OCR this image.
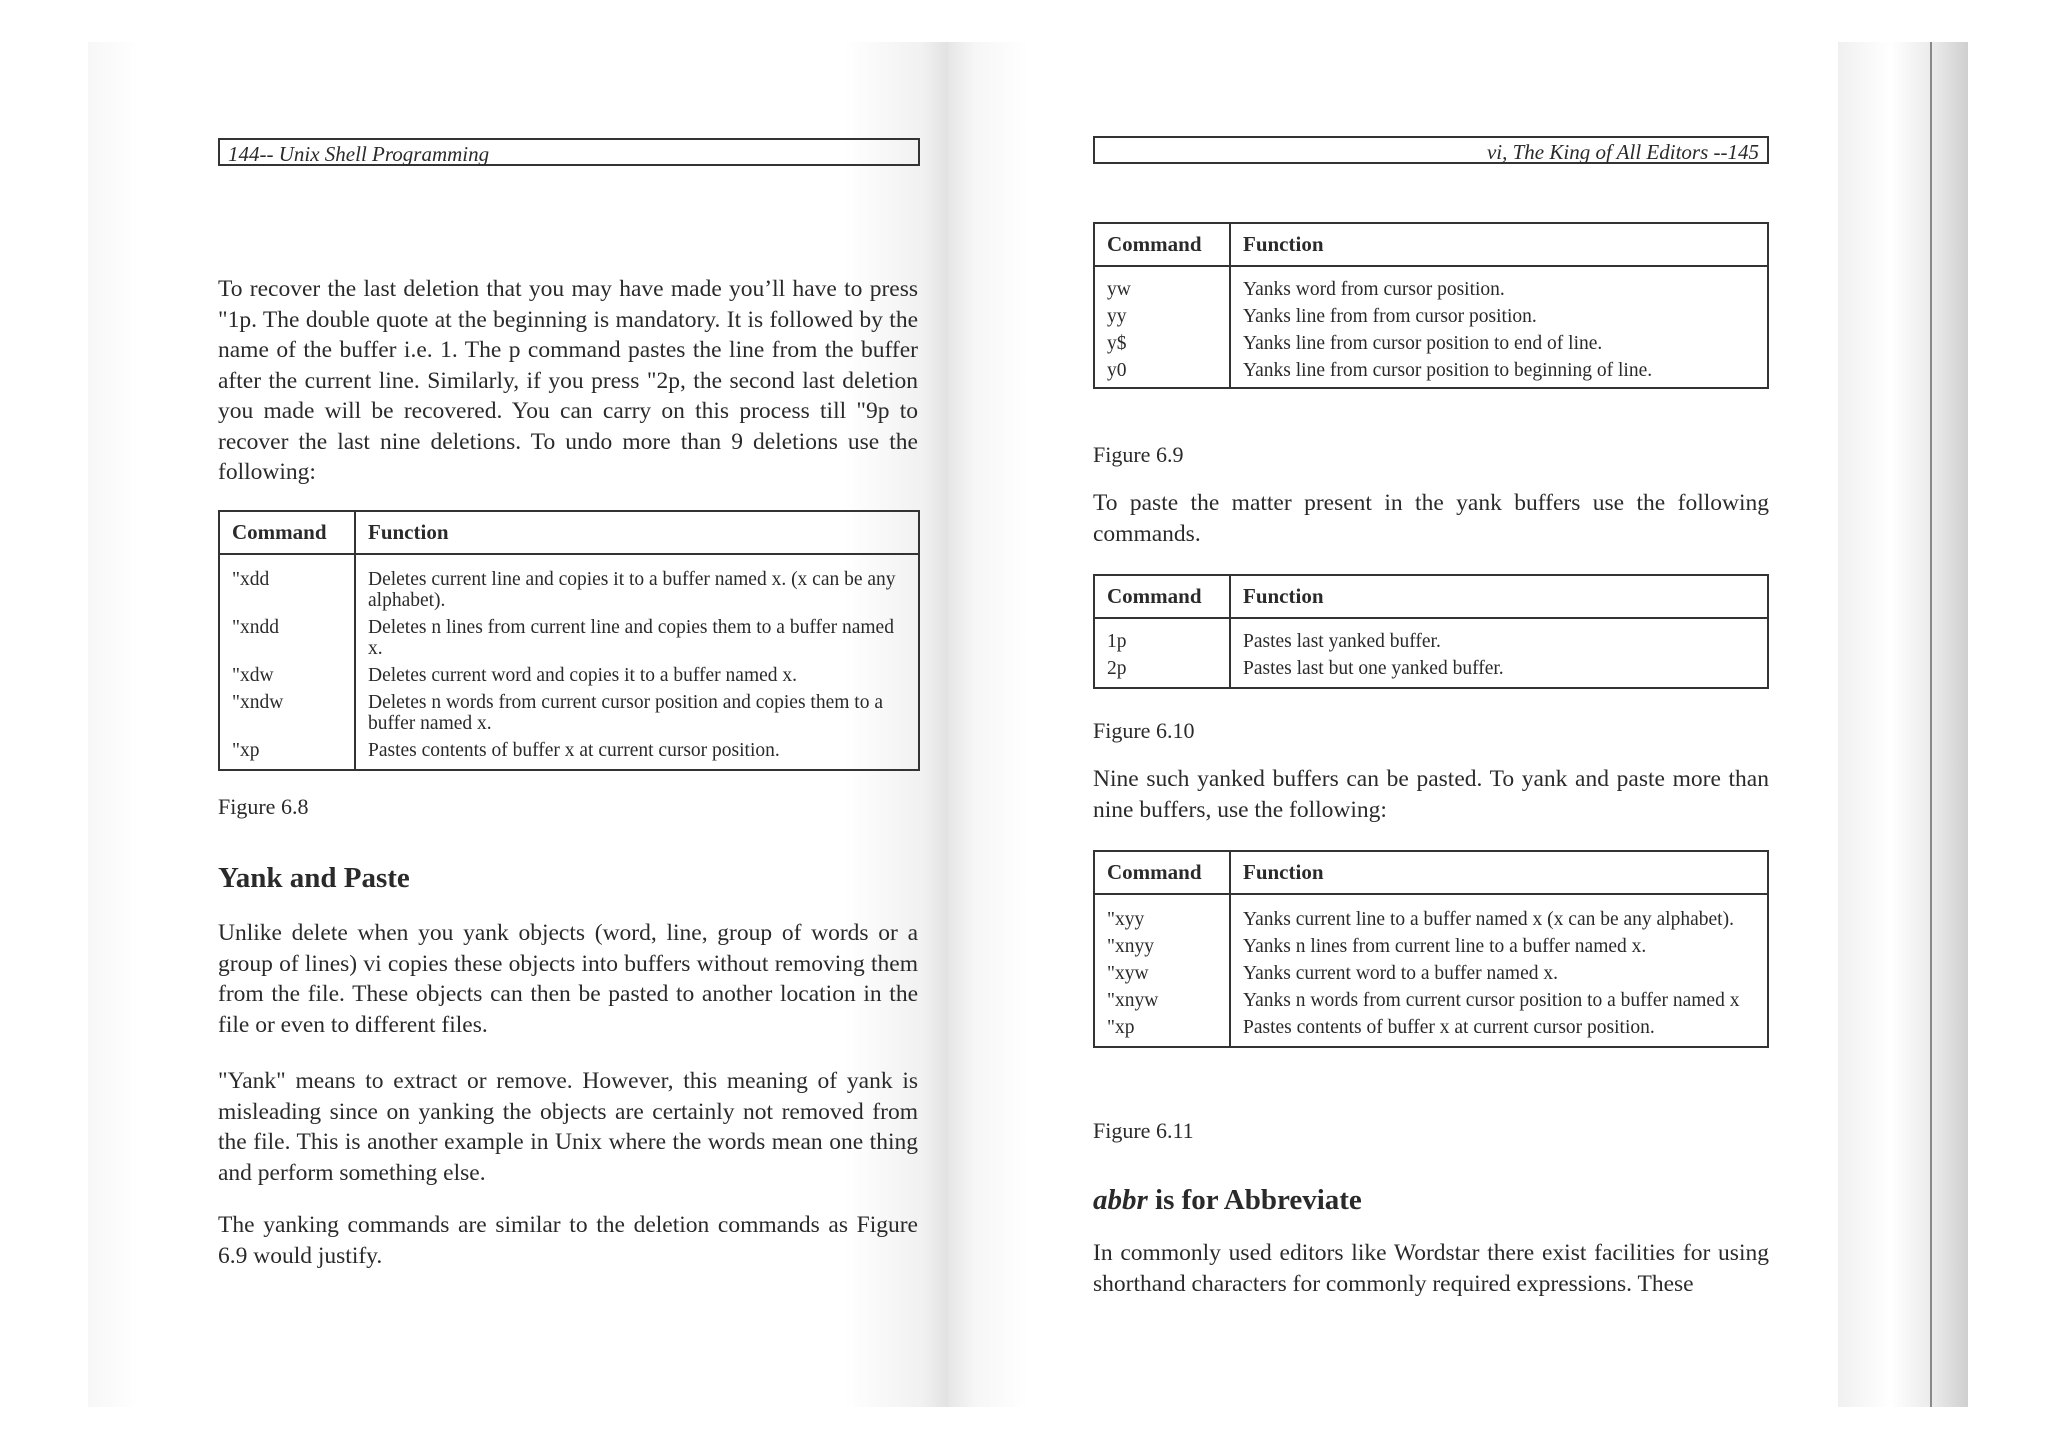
144-- Unix Shell Programming
To recover the last deletion that you may have made you’ll have to press "1p. The double quote at the beginning is mandatory. It is followed by the name of the buffer i.e. 1. The p command pastes the line from the buffer after the current line. Similarly, if you press "2p, the second last deletion you made will be recovered. You can carry on this process till "9p to recover the last nine deletions. To undo more than 9 deletions use the following:
Command	Function
"xdd	Deletes current line and copies it to a buffer named x. (x can be any alphabet).
"xndd	Deletes n lines from current line and copies them to a buffer named x.
"xdw	Deletes current word and copies it to a buffer named x.
"xndw	Deletes n words from current cursor position and copies them to a buffer named x.
"xp	Pastes contents of buffer x at current cursor position.
Figure 6.8
Yank and Paste
Unlike delete when you yank objects (word, line, group of words or a group of lines) vi copies these objects into buffers without removing them from the file. These objects can then be pasted to another location in the file or even to different files.
"Yank" means to extract or remove. However, this meaning of yank is misleading since on yanking the objects are certainly not removed from the file. This is another example in Unix where the words mean one thing and perform something else.
The yanking commands are similar to the deletion commands as Figure 6.9 would justify.
vi, The King of All Editors --145
Command	Function
yw	Yanks word from cursor position.
yy	Yanks line from from cursor position.
y$	Yanks line from cursor position to end of line.
y0	Yanks line from cursor position to beginning of line.
Figure 6.9
To paste the matter present in the yank buffers use the following commands.
Command	Function
1p	Pastes last yanked buffer.
2p	Pastes last but one yanked buffer.
Figure 6.10
Nine such yanked buffers can be pasted. To yank and paste more than nine buffers, use the following:
Command	Function
"xyy	Yanks current line to a buffer named x (x can be any alphabet).
"xnyy	Yanks n lines from current line to a buffer named x.
"xyw	Yanks current word to a buffer named x.
"xnyw	Yanks n words from current cursor position to a buffer named x
"xp	Pastes contents of buffer x at current cursor position.
Figure 6.11
abbr is for Abbreviate
In commonly used editors like Wordstar there exist facilities for using shorthand characters for commonly required expressions. These
